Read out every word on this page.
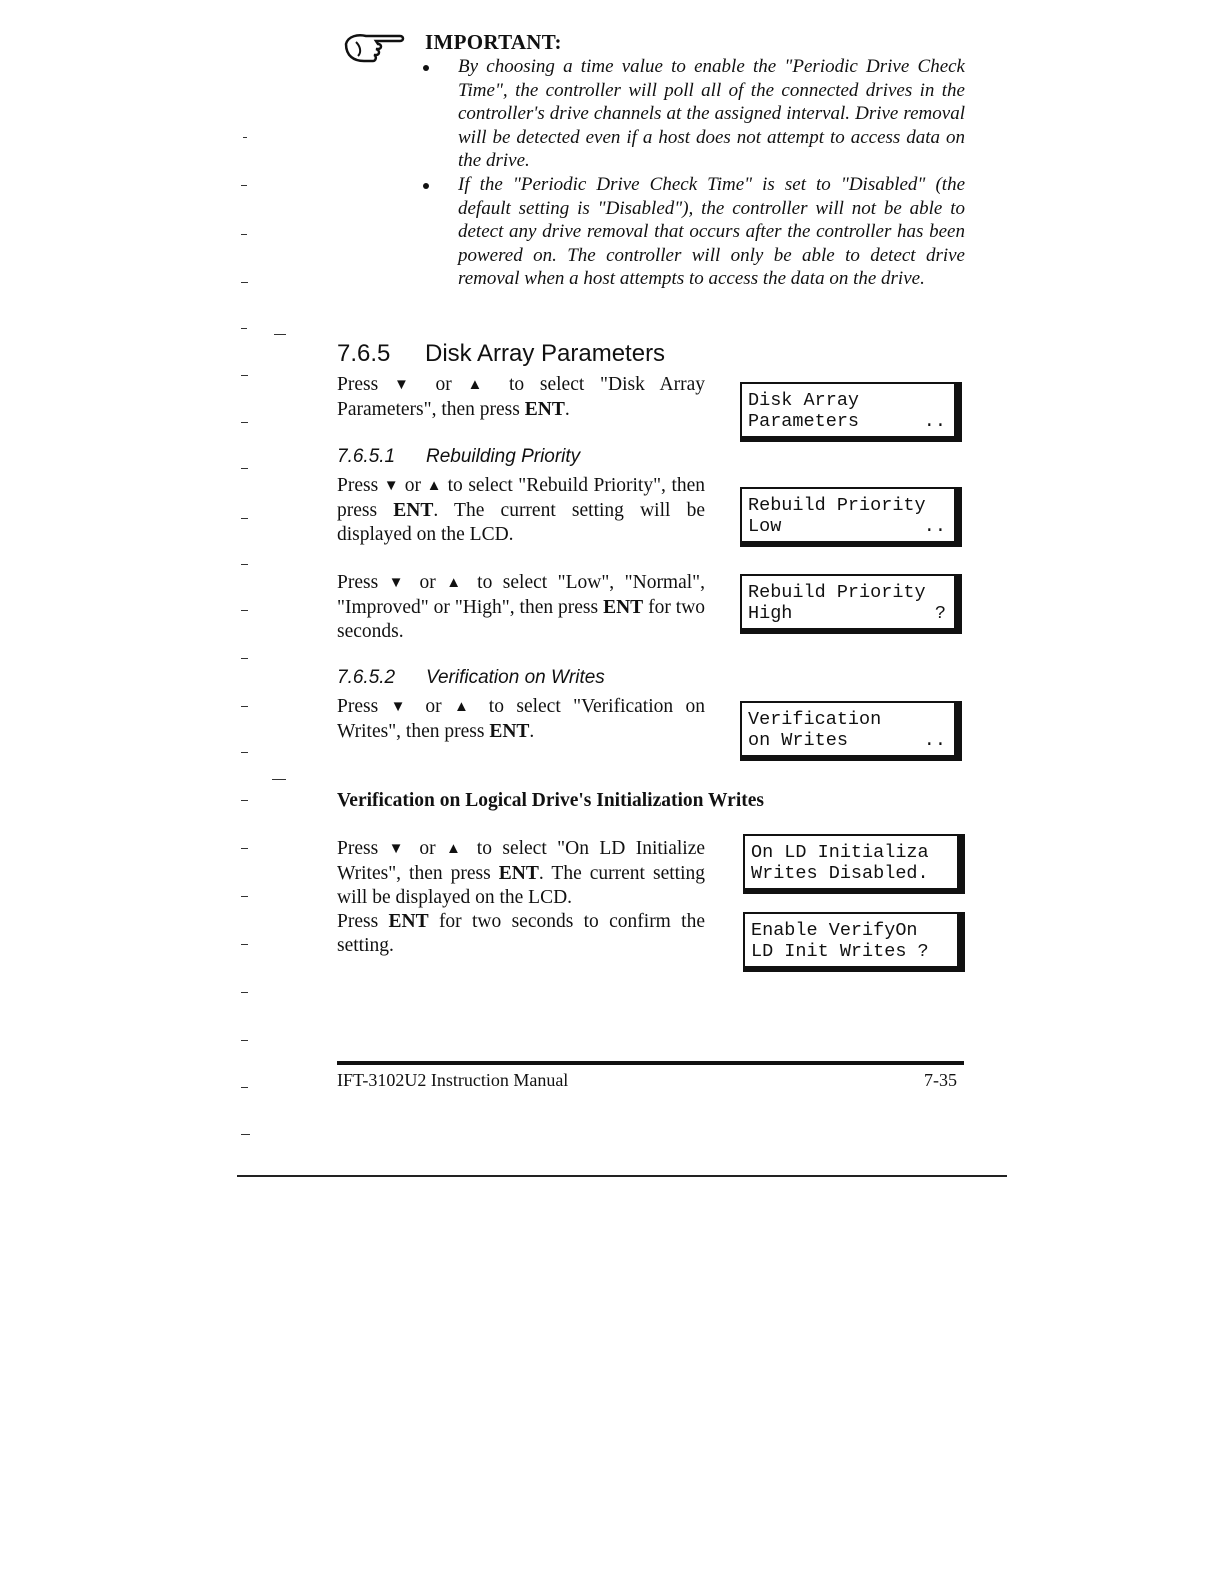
IMPORTANT:
By choosing a time value to enable the "Periodic Drive Check Time", the controller will poll all of the connected drives in the controller's drive channels at the assigned interval. Drive removal will be detected even if a host does not attempt to access data on the drive.
If the "Periodic Drive Check Time" is set to "Disabled" (the default setting is "Disabled"), the controller will not be able to detect any drive removal that occurs after the controller has been powered on. The controller will only be able to detect drive removal when a host attempts to access the data on the drive.
7.6.5 Disk Array Parameters

Press ▼ or ▲ to select "Disk Array Parameters", then press ENT.	Disk Array
Parameters	..
7.6.5.1 Rebuilding Priority

Press ▼ or ▲ to select "Rebuild Priority", then press ENT. The current setting will be displayed on the LCD.

Rebuild Priority
Low	..

Press ▼ or ▲ to select "Low", "Normal", "Improved" or "High", then press ENT for two seconds.

Rebuild Priority
High	?
7.6.5.2 Verification on Writes

Press ▼ or ▲ to select "Verification on Writes", then press ENT.

Verification
on Writes	..
Verification on Logical Drive's Initialization Writes

Press ▼ or ▲ to select "On LD Initialize Writes", then press ENT. The current setting will be displayed on the LCD.

Press ENT for two seconds to confirm the setting.

On LD Initializa
Writes Disabled.
Enable VerifyOn
LD Init Writes ?
IFT-3102U2 Instruction Manual	7-35
